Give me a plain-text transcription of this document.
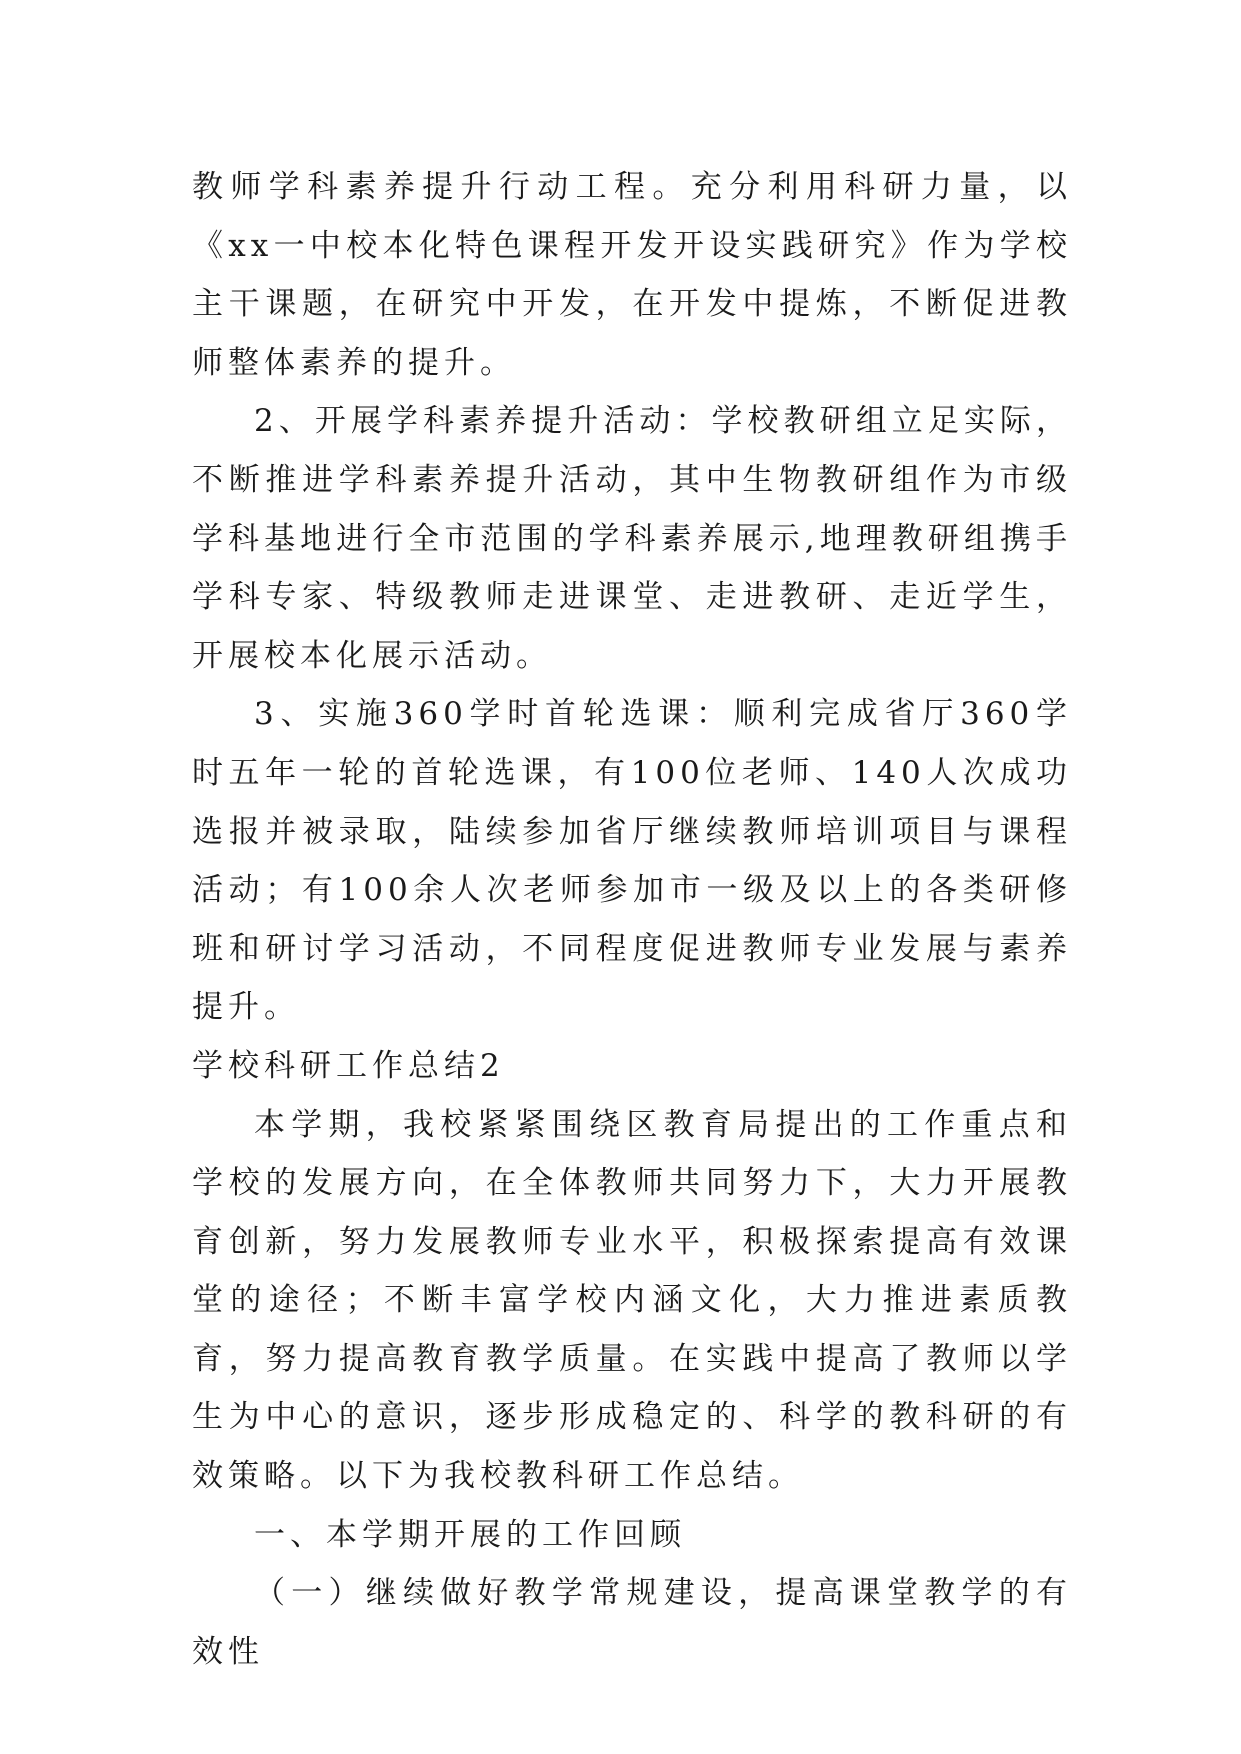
教师学科素养提升行动工程。充分利用科研力量，以《xx一中校本化特色课程开发开设实践研究》作为学校主干课题，在研究中开发，在开发中提炼，不断促进教师整体素养的提升。

2、开展学科素养提升活动：学校教研组立足实际，不断推进学科素养提升活动，其中生物教研组作为市级学科基地进行全市范围的学科素养展示,地理教研组携手学科专家、特级教师走进课堂、走进教研、走近学生，开展校本化展示活动。

3、实施360学时首轮选课：顺利完成省厅360学时五年一轮的首轮选课，有100位老师、140人次成功选报并被录取，陆续参加省厅继续教师培训项目与课程活动；有100余人次老师参加市一级及以上的各类研修班和研讨学习活动，不同程度促进教师专业发展与素养提升。

学校科研工作总结2

本学期，我校紧紧围绕区教育局提出的工作重点和学校的发展方向，在全体教师共同努力下，大力开展教育创新，努力发展教师专业水平，积极探索提高有效课堂的途径；不断丰富学校内涵文化，大力推进素质教育，努力提高教育教学质量。在实践中提高了教师以学生为中心的意识，逐步形成稳定的、科学的教科研的有效策略。以下为我校教科研工作总结。

一、本学期开展的工作回顾

（一）继续做好教学常规建设，提高课堂教学的有效性
